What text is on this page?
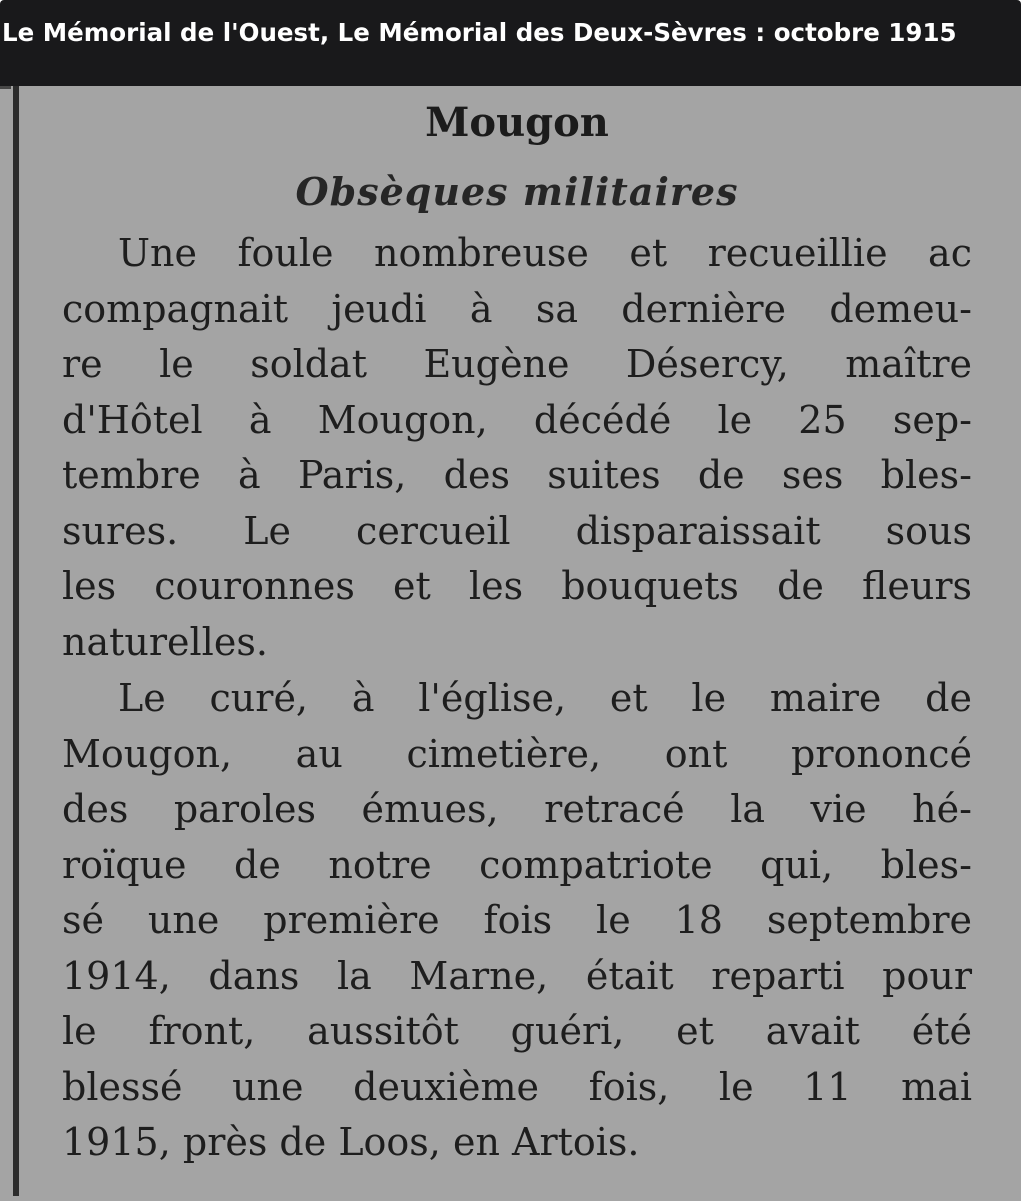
Le Mémorial de l'Ouest, Le Mémorial des Deux-Sèvres : octobre 1915
Mougon
Obsèques militaires
Une foule nombreuse et recueillie ac
compagnait jeudi à sa dernière demeu-
re le soldat Eugène Désercy, maître
d'Hôtel à Mougon, décédé le 25 sep-
tembre à Paris, des suites de ses bles-
sures. Le cercueil disparaissait sous
les couronnes et les bouquets de fleurs
naturelles.
Le curé, à l'église, et le maire de
Mougon, au cimetière, ont prononcé
des paroles émues, retracé la vie hé-
roïque de notre compatriote qui, bles-
sé une première fois le 18 septembre
1914, dans la Marne, était reparti pour
le front, aussitôt guéri, et avait été
blessé une deuxième fois, le 11 mai
1915, près de Loos, en Artois.
